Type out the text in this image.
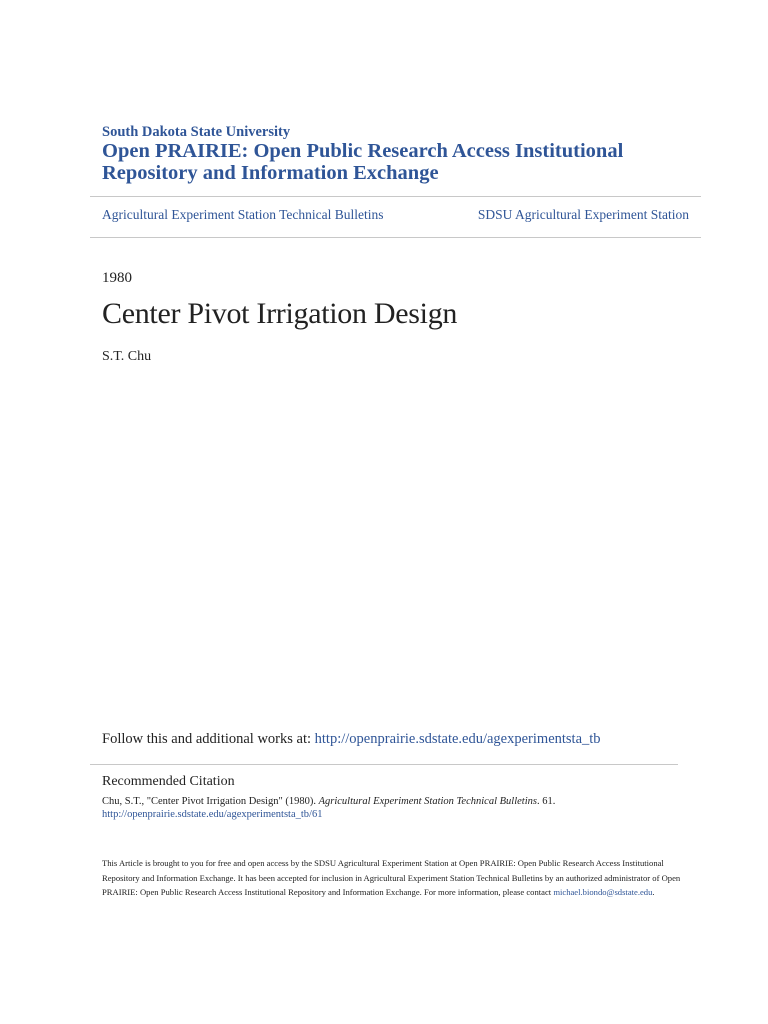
South Dakota State University
Open PRAIRIE: Open Public Research Access Institutional Repository and Information Exchange
Agricultural Experiment Station Technical Bulletins	SDSU Agricultural Experiment Station
1980
Center Pivot Irrigation Design
S.T. Chu
Follow this and additional works at: http://openprairie.sdstate.edu/agexperimentsta_tb
Recommended Citation
Chu, S.T., "Center Pivot Irrigation Design" (1980). Agricultural Experiment Station Technical Bulletins. 61.
http://openprairie.sdstate.edu/agexperimentsta_tb/61
This Article is brought to you for free and open access by the SDSU Agricultural Experiment Station at Open PRAIRIE: Open Public Research Access Institutional Repository and Information Exchange. It has been accepted for inclusion in Agricultural Experiment Station Technical Bulletins by an authorized administrator of Open PRAIRIE: Open Public Research Access Institutional Repository and Information Exchange. For more information, please contact michael.biondo@sdstate.edu.
